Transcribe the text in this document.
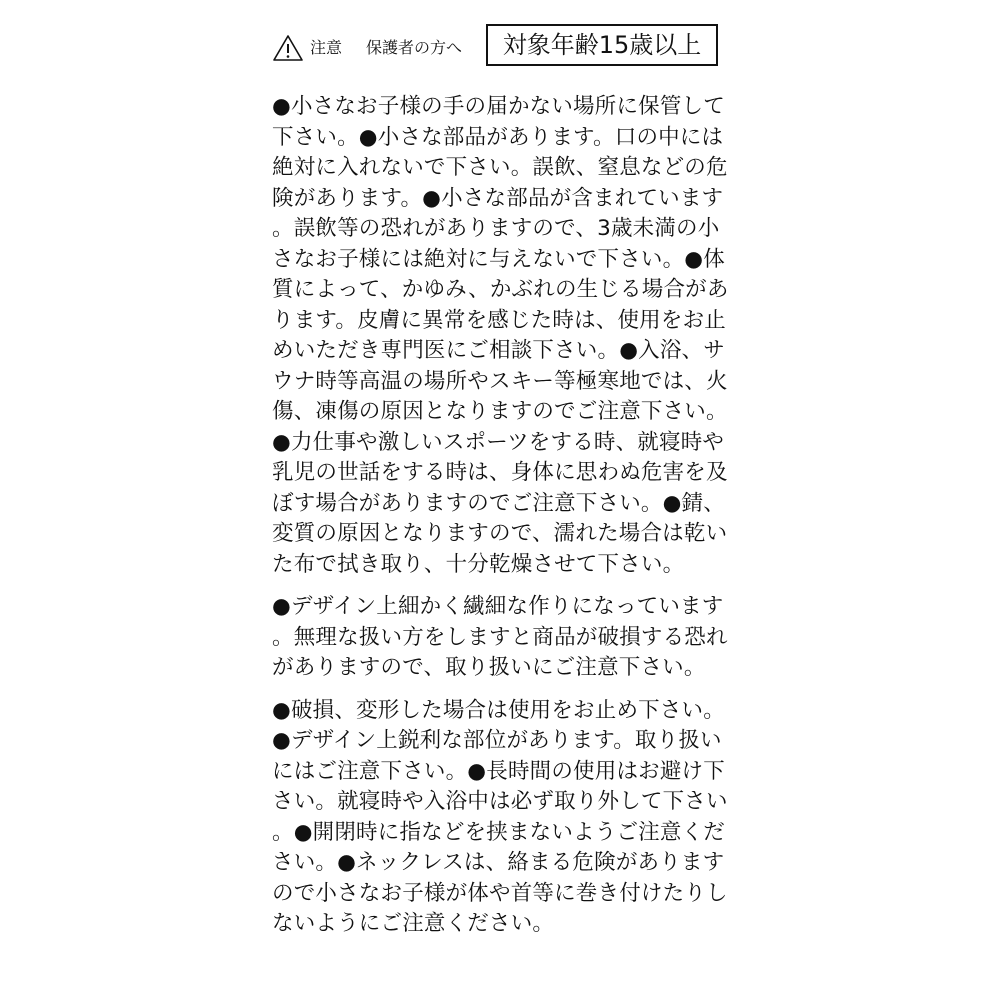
注意 保護者の方へ	対象年齢15歳以上

●小さなお子様の手の届かない場所に保管して下さい。●小さな部品があります。口の中には絶対に入れないで下さい。誤飲、窒息などの危険があります。●小さな部品が含まれています。誤飲等の恐れがありますので、3歳未満の小さなお子様には絶対に与えないで下さい。●体質によって、かゆみ、かぶれの生じる場合があります。皮膚に異常を感じた時は、使用をお止めいただき専門医にご相談下さい。●入浴、サウナ時等高温の場所やスキー等極寒地では、火傷、凍傷の原因となりますのでご注意下さい。●力仕事や激しいスポーツをする時、就寝時や乳児の世話をする時は、身体に思わぬ危害を及ぼす場合がありますのでご注意下さい。●錆、変質の原因となりますので、濡れた場合は乾いた布で拭き取り、十分乾燥させて下さい。

●デザイン上細かく繊細な作りになっています。無理な扱い方をしますと商品が破損する恐れがありますので、取り扱いにご注意下さい。

●破損、変形した場合は使用をお止め下さい。●デザイン上鋭利な部位があります。取り扱いにはご注意下さい。●長時間の使用はお避け下さい。就寝時や入浴中は必ず取り外して下さい。●開閉時に指などを挟まないようご注意ください。●ネックレスは、絡まる危険がありますので小さなお子様が体や首等に巻き付けたりしないようにご注意ください。
